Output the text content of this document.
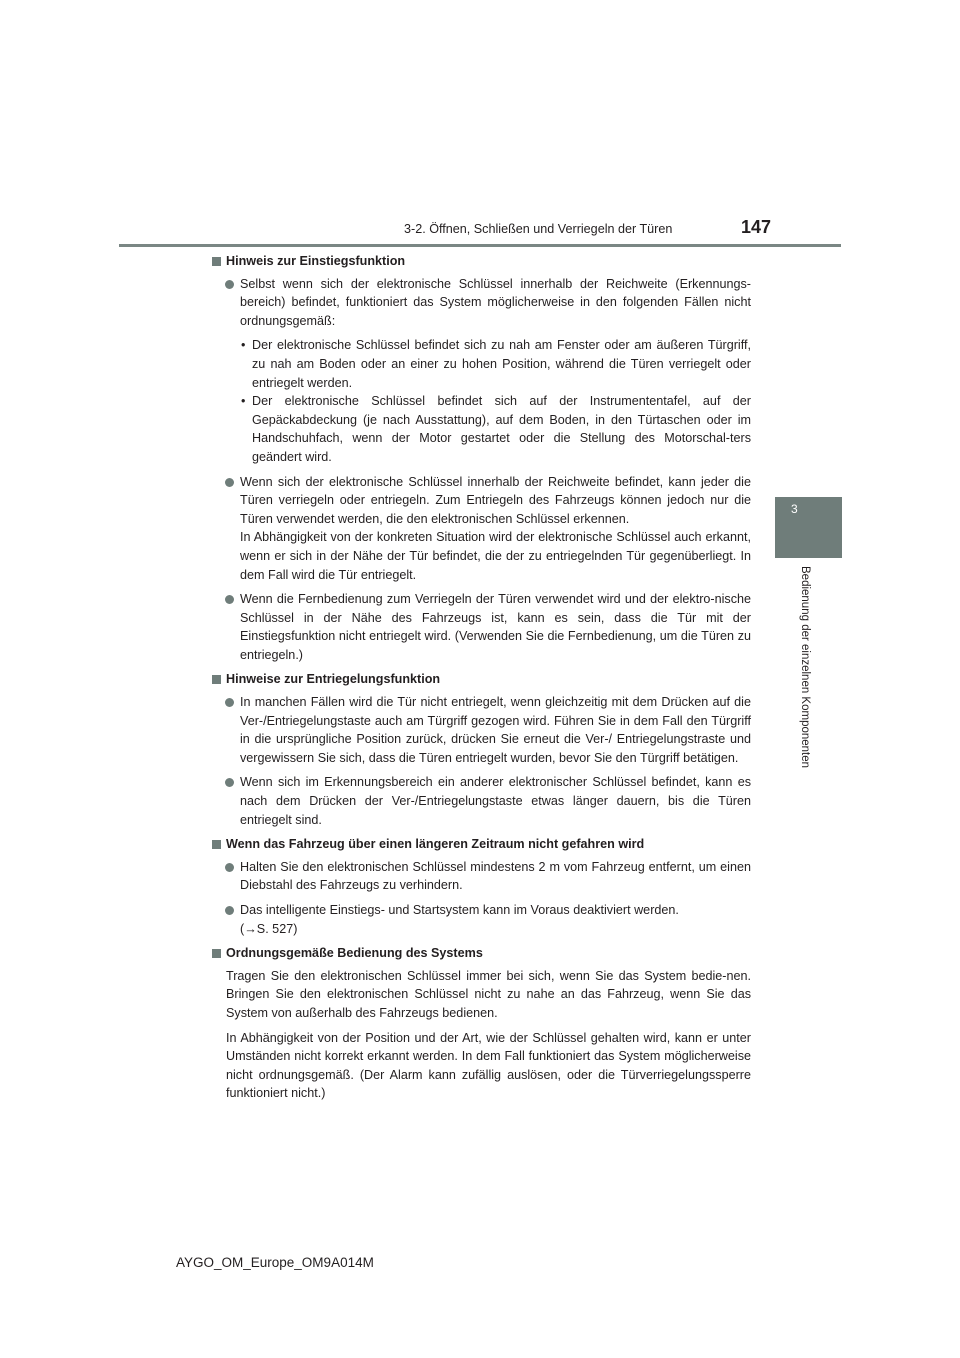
3-2. Öffnen, Schließen und Verriegeln der Türen	147
3
Bedienung der einzelnen Komponenten
Hinweis zur Einstiegsfunktion
Selbst wenn sich der elektronische Schlüssel innerhalb der Reichweite (Erkennungs-bereich) befindet, funktioniert das System möglicherweise in den folgenden Fällen nicht ordnungsgemäß:
• Der elektronische Schlüssel befindet sich zu nah am Fenster oder am äußeren Türgriff, zu nah am Boden oder an einer zu hohen Position, während die Türen verriegelt oder entriegelt werden.
• Der elektronische Schlüssel befindet sich auf der Instrumententafel, auf der Gepäckabdeckung (je nach Ausstattung), auf dem Boden, in den Türtaschen oder im Handschuhfach, wenn der Motor gestartet oder die Stellung des Motorschal-ters geändert wird.
Wenn sich der elektronische Schlüssel innerhalb der Reichweite befindet, kann jeder die Türen verriegeln oder entriegeln. Zum Entriegeln des Fahrzeugs können jedoch nur die Türen verwendet werden, die den elektronischen Schlüssel erkennen.
In Abhängigkeit von der konkreten Situation wird der elektronische Schlüssel auch erkannt, wenn er sich in der Nähe der Tür befindet, die der zu entriegelnden Tür gegenüberliegt. In dem Fall wird die Tür entriegelt.
Wenn die Fernbedienung zum Verriegeln der Türen verwendet wird und der elektro-nische Schlüssel in der Nähe des Fahrzeugs ist, kann es sein, dass die Tür mit der Einstiegsfunktion nicht entriegelt wird. (Verwenden Sie die Fernbedienung, um die Türen zu entriegeln.)
Hinweise zur Entriegelungsfunktion
In manchen Fällen wird die Tür nicht entriegelt, wenn gleichzeitig mit dem Drücken auf die Ver-/Entriegelungstaste auch am Türgriff gezogen wird. Führen Sie in dem Fall den Türgriff in die ursprüngliche Position zurück, drücken Sie erneut die Ver-/ Entriegelungstraste und vergewissern Sie sich, dass die Türen entriegelt wurden, bevor Sie den Türgriff betätigen.
Wenn sich im Erkennungsbereich ein anderer elektronischer Schlüssel befindet, kann es nach dem Drücken der Ver-/Entriegelungstaste etwas länger dauern, bis die Türen entriegelt sind.
Wenn das Fahrzeug über einen längeren Zeitraum nicht gefahren wird
Halten Sie den elektronischen Schlüssel mindestens 2 m vom Fahrzeug entfernt, um einen Diebstahl des Fahrzeugs zu verhindern.
Das intelligente Einstiegs- und Startsystem kann im Voraus deaktiviert werden.
(→S. 527)
Ordnungsgemäße Bedienung des Systems
Tragen Sie den elektronischen Schlüssel immer bei sich, wenn Sie das System bedie-nen. Bringen Sie den elektronischen Schlüssel nicht zu nahe an das Fahrzeug, wenn Sie das System von außerhalb des Fahrzeugs bedienen.
In Abhängigkeit von der Position und der Art, wie der Schlüssel gehalten wird, kann er unter Umständen nicht korrekt erkannt werden. In dem Fall funktioniert das System möglicherweise nicht ordnungsgemäß. (Der Alarm kann zufällig auslösen, oder die Türverriegelungssperre funktioniert nicht.)
AYGO_OM_Europe_OM9A014M
